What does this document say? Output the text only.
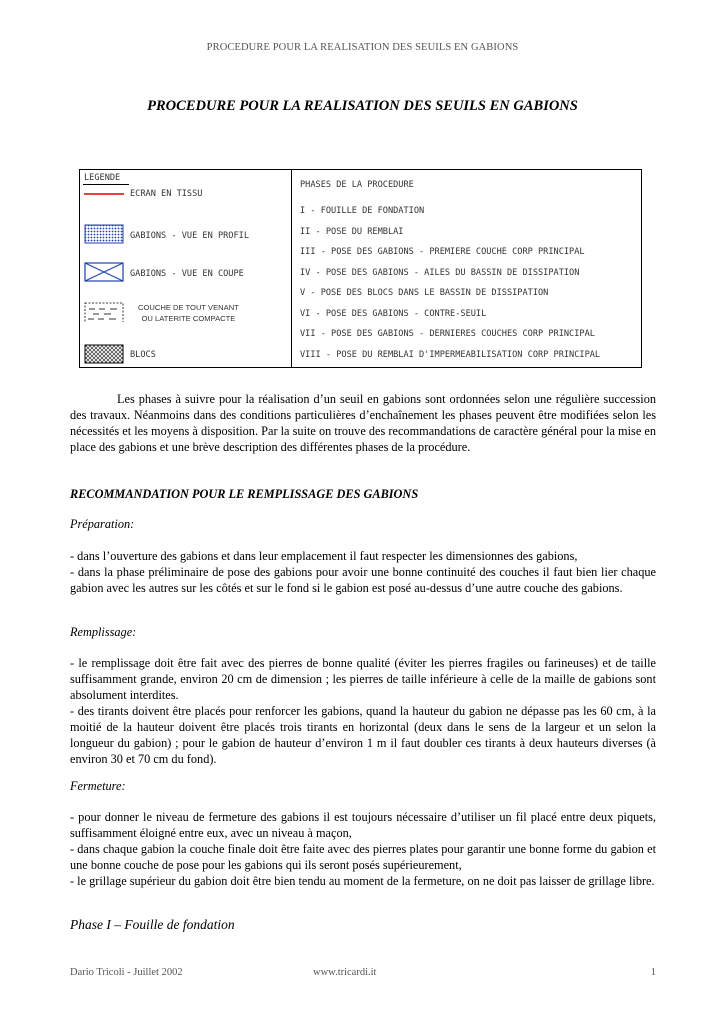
PROCEDURE POUR LA REALISATION DES SEUILS EN GABIONS
PROCEDURE POUR LA REALISATION DES SEUILS EN GABIONS
LEGENDE
ECRAN EN TISSU
GABIONS - VUE EN PROFIL
GABIONS - VUE EN COUPE
COUCHE DE TOUT VENANT
OU LATERITE COMPACTE
BLOCS
PHASES DE LA PROCEDURE
I - FOUILLE DE FONDATION
II - POSE DU REMBLAI
III - POSE DES GABIONS - PREMIERE COUCHE CORP PRINCIPAL
IV - POSE DES GABIONS - AILES DU BASSIN DE DISSIPATION
V - POSE DES BLOCS DANS LE BASSIN DE DISSIPATION
VI - POSE DES GABIONS - CONTRE-SEUIL
VII - POSE DES GABIONS - DERNIERES COUCHES CORP PRINCIPAL
VIII - POSE DU REMBLAI D'IMPERMEABILISATION CORP PRINCIPAL

Les phases à suivre pour la réalisation d’un seuil en gabions sont ordonnées selon une régulière succession des travaux. Néanmoins dans des conditions particulières d’enchaînement les phases peuvent être modifiées selon les nécessités et les moyens à disposition. Par la suite on trouve des recommandations de caractère général pour la mise en place des gabions et une brève description des différentes phases de la procédure.

RECOMMANDATION POUR LE REMPLISSAGE DES GABIONS
Préparation:

- dans l’ouverture des gabions et dans leur emplacement il faut respecter les dimensionnes des gabions,

- dans la phase préliminaire de pose des gabions pour avoir une bonne continuité des couches il faut bien lier chaque gabion avec les autres sur les côtés et sur le fond si le gabion est posé au-dessus d’une autre couche des gabions.

Remplissage:

- le remplissage doit être fait avec des pierres de bonne qualité (éviter les pierres fragiles ou farineuses) et de taille suffisamment grande, environ 20 cm de dimension ; les pierres de taille inférieure à celle de la maille de gabions sont absolument interdites.

- des tirants doivent être placés pour renforcer les gabions, quand la hauteur du gabion ne dépasse pas les 60 cm, à la moitié de la hauteur doivent être placés trois tirants en horizontal (deux dans le sens de la largeur et un selon la longueur du gabion) ; pour le gabion de hauteur d’environ 1 m il faut doubler ces tirants à deux hauteurs diverses (à environ 30 et 70 cm du fond).

Fermeture:

- pour donner le niveau de fermeture des gabions il est toujours nécessaire d’utiliser un fil placé entre deux piquets, suffisamment éloigné entre eux, avec un niveau à maçon,

- dans chaque gabion la couche finale doit être faite avec des pierres plates pour garantir une bonne forme du gabion et une bonne couche de pose pour les gabions qui ils seront posés supérieurement,

- le grillage supérieur du gabion doit être bien tendu au moment de la fermeture, on ne doit pas laisser de grillage libre.

Phase I – Fouille de fondation
Dario Tricoli - Juillet 2002	www.tricardi.it	1
